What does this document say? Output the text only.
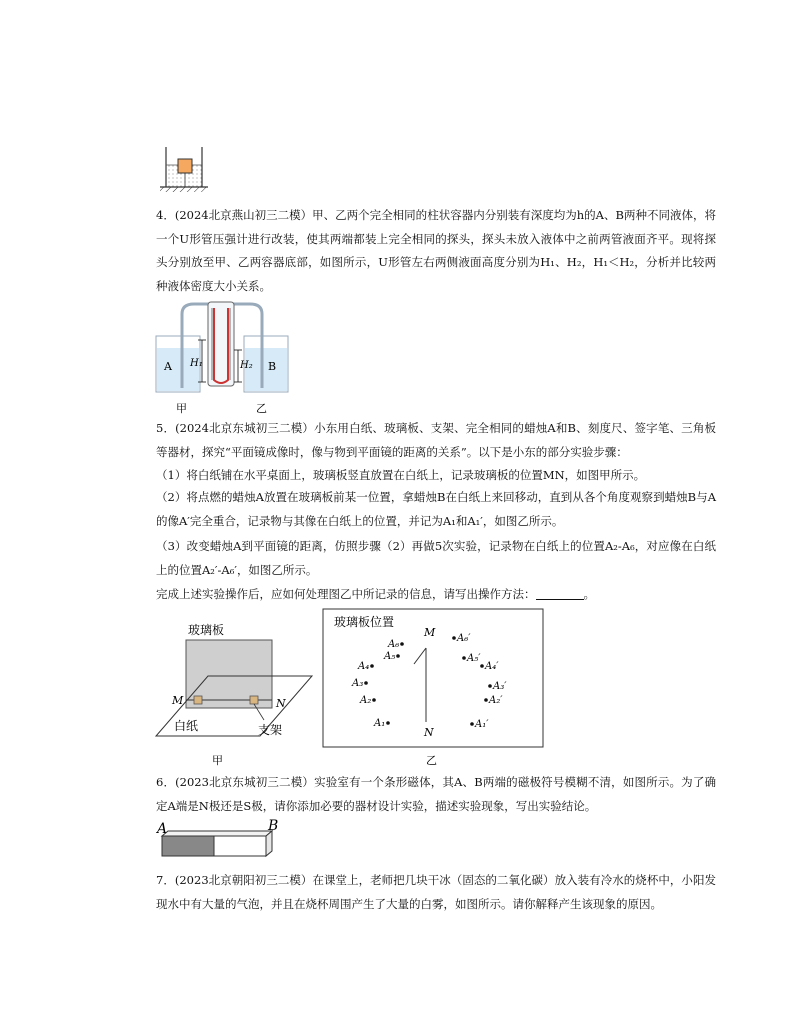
4．(2024北京燕山初三二模）甲、乙两个完全相同的柱状容器内分别装有深度均为h的A、B两种不同液体，将一个U形管压强计进行改装，使其两端都装上完全相同的探头，探头未放入液体中之前两管液面齐平。现将探头分别放至甲、乙两容器底部，如图所示，U形管左右两侧液面高度分别为H₁、H₂，H₁＜H₂，分析并比较两种液体密度大小关系。
A	B
H₁	H₂
甲	乙
5．(2024北京东城初三二模）小东用白纸、玻璃板、支架、完全相同的蜡烛A和B、刻度尺、签字笔、三角板等器材，探究“平面镜成像时，像与物到平面镜的距离的关系”。以下是小东的部分实验步骤：
（1）将白纸铺在水平桌面上，玻璃板竖直放置在白纸上，记录玻璃板的位置MN，如图甲所示。
（2）将点燃的蜡烛A放置在玻璃板前某一位置，拿蜡烛B在白纸上来回移动，直到从各个角度观察到蜡烛B与A的像A′完全重合，记录物与其像在白纸上的位置，并记为A₁和A₁′，如图乙所示。
（3）改变蜡烛A到平面镜的距离，仿照步骤（2）再做5次实验，记录物在白纸上的位置A₂-A₆，对应像在白纸上的位置A₂′-A₆′，如图乙所示。
完成上述实验操作后，应如何处理图乙中所记录的信息，请写出操作方法：	。
玻璃板
M	N
白纸	支架
甲
玻璃板位置
M
N
乙
A₆
A₅
A₄
A₃
A₂
A₁
A₆′
A₅′
A₄′
A₃′
A₂′
A₁′
6．(2023北京东城初三二模）实验室有一个条形磁体，其A、B两端的磁极符号模糊不清，如图所示。为了确定A端是N极还是S极，请你添加必要的器材设计实验，描述实验现象，写出实验结论。
A	B
7．(2023北京朝阳初三二模）在课堂上，老师把几块干冰（固态的二氧化碳）放入装有冷水的烧杯中，小阳发现水中有大量的气泡，并且在烧杯周围产生了大量的白雾，如图所示。请你解释产生该现象的原因。
